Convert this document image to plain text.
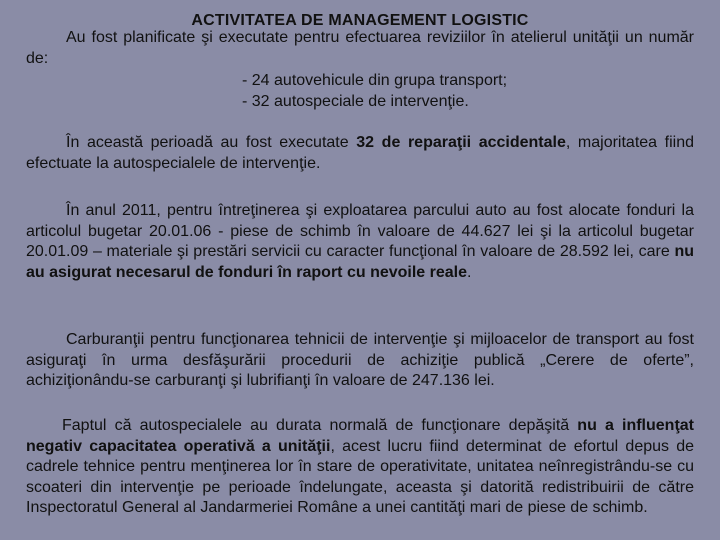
ACTIVITATEA DE MANAGEMENT LOGISTIC
Au fost planificate şi executate pentru efectuarea reviziilor în atelierul unităţii un număr de:
- 24 autovehicule din grupa transport;
- 32 autospeciale de intervenţie.
În această perioadă au fost executate 32 de reparaţii accidentale, majoritatea fiind efectuate la autospecialele de intervenţie.
În anul 2011, pentru întreţinerea şi exploatarea parcului auto au fost alocate fonduri la articolul bugetar 20.01.06 - piese de schimb în valoare de 44.627 lei şi la articolul bugetar 20.01.09 – materiale şi prestări servicii cu caracter funcţional în valoare de 28.592 lei, care nu au asigurat necesarul de fonduri în raport cu nevoile reale.
Carburanţii pentru funcţionarea tehnicii de intervenţie şi mijloacelor de transport au fost asiguraţi în urma desfăşurării procedurii de achiziţie publică „Cerere de oferte”, achiziţionându-se carburanţi şi lubrifianţi în valoare de 247.136 lei.
Faptul că autospecialele au durata normală de funcţionare depăşită nu a influenţat negativ capacitatea operativă a unităţii, acest lucru fiind determinat de efortul depus de cadrele tehnice pentru menţinerea lor în stare de operativitate, unitatea neînregistrându-se cu scoateri din intervenţie pe perioade îndelungate, aceasta şi datorită redistribuirii de către Inspectoratul General al Jandarmeriei Române a unei cantităţi mari de piese de schimb.
